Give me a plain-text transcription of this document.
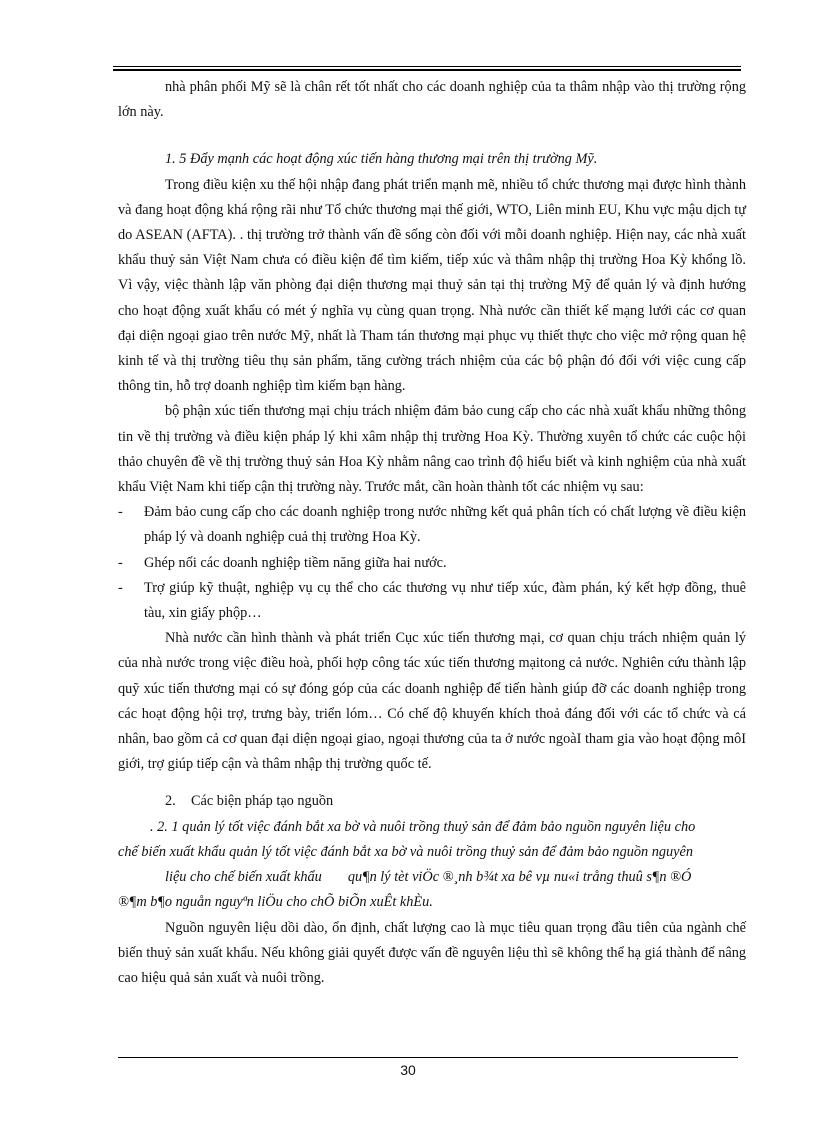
nhà phân phối Mỹ sẽ là chân rết tốt nhất cho các doanh nghiệp của ta thâm nhập vào thị trường rộng lớn này.

1. 5 Đẩy mạnh các hoạt động xúc tiến hàng thương mại trên thị trường Mỹ.

Trong điều kiện xu thế hội nhập đang phát triển mạnh mẽ, nhiều tổ chức thương mại được hình thành và đang hoạt động khá rộng rãi như Tổ chức thương mại thế giới, WTO, Liên minh EU, Khu vực mậu dịch tự do ASEAN (AFTA). . thị trường trở thành vấn đề sống còn đối với mỗi doanh nghiệp. Hiện nay, các nhà xuất khẩu thuỷ sản Việt Nam chưa có điều kiện để tìm kiếm, tiếp xúc và thâm nhập thị trường Hoa Kỳ khổng lồ. Vì vậy, việc thành lập văn phòng đại diện thương mại thuỷ sản tại thị trường Mỹ để quản lý và định hướng cho hoạt động xuất khẩu có mét ý nghĩa vụ cùng quan trọng. Nhà nước cần thiết kế mạng lưới các cơ quan đại diện ngoại giao trên nước Mỹ, nhất là Tham tán thương mại phục vụ thiết thực cho việc mở rộng quan hệ kinh tế và thị trường tiêu thụ sản phẩm, tăng cường trách nhiệm của các bộ phận đó đối với việc cung cấp thông tin, hỗ trợ doanh nghiệp tìm kiếm bạn hàng.

bộ phận xúc tiến thương mại chịu trách nhiệm đảm bảo cung cấp cho các nhà xuất khẩu những thông tin về thị trường và điều kiện pháp lý khi xâm nhập thị trường Hoa Kỳ. Thường xuyên tổ chức các cuộc hội thảo chuyên đề về thị trường thuỷ sản Hoa Kỳ nhằm nâng cao trình độ hiểu biết và kinh nghiệm của nhà xuất khẩu Việt Nam khi tiếp cận thị trường này. Trước mắt, cần hoàn thành tốt các nhiệm vụ sau:

- Đảm bảo cung cấp cho các doanh nghiệp trong nước những kết quả phân tích có chất lượng về điều kiện pháp lý và doanh nghiệp cuả thị trường Hoa Kỳ.

- Ghép nối các doanh nghiệp tiềm năng giữa hai nước.

- Trợ giúp kỹ thuật, nghiệp vụ cụ thể cho các thương vụ như tiếp xúc, đàm phán, ký kết hợp đồng, thuê tàu, xin giấy phộp…

Nhà nước cần hình thành và phát triển Cục xúc tiến thương mại, cơ quan chịu trách nhiệm quản lý của nhà nước trong việc điều hoà, phối hợp công tác xúc tiến thương mạitong cả nước. Nghiên cứu thành lập quỹ xúc tiến thương mại có sự đóng góp của các doanh nghiệp để tiến hành giúp đỡ các doanh nghiệp trong các hoạt động hội trợ, trưng bày, triển lóm… Có chế độ khuyến khích thoả đáng đối với các tổ chức và cá nhân, bao gồm cả cơ quan đại diện ngoại giao, ngoại thương của ta ở nước ngoàI tham gia vào hoạt động môI giới, trợ giúp tiếp cận và thâm nhập thị trường quốc tế.

2. Các biện pháp tạo nguồn

. 2. 1 quản lý tốt việc đánh bắt xa bờ và nuôi trồng thuỷ sản để đảm bảo nguồn nguyên liệu cho

chế biến xuất khẩu quản lý tốt việc đánh bắt xa bờ và nuôi trồng thuỷ sản để đảm bảo nguồn nguyên

liệu cho chế biến xuất khẩu qu¶n lý tèt viÖc ®¸nh b¾t xa bê vµ nu«i trång thuû s¶n ®Ó

®¶m b¶o nguån nguyªn liÖu cho chÕ biÕn xuÊt khÈu.

Nguồn nguyên liệu dồi dào, ổn định, chất lượng cao là mục tiêu quan trọng đầu tiên của ngành chế biến thuỷ sản xuất khẩu. Nếu không giải quyết được vấn đề nguyên liệu thì sẽ không thể hạ giá thành để nâng cao hiệu quả sản xuất và nuôi trồng.

30
